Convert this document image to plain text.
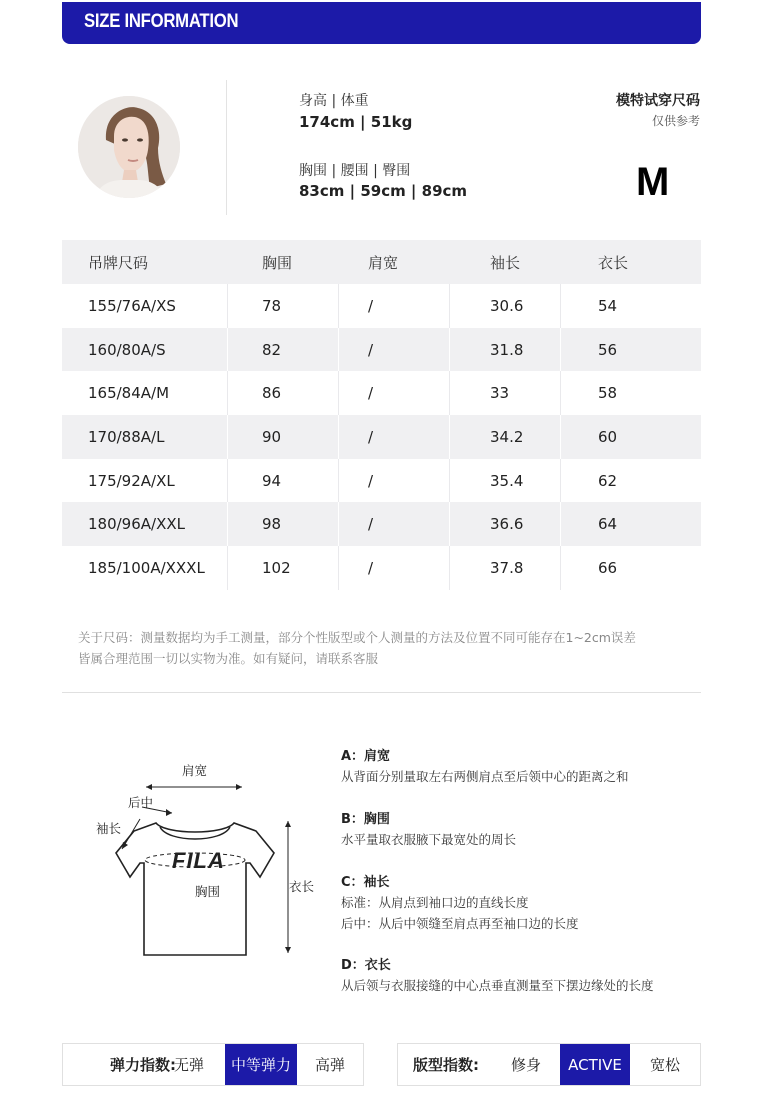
SIZE INFORMATION
身高 | 体重
174cm | 51kg
胸围 | 腰围 | 臀围
83cm | 59cm | 89cm
模特试穿尺码
仅供参考
M
吊牌尺码	胸围	肩宽	袖长	衣长
155/76A/XS	78	/	30.6	54
160/80A/S	82	/	31.8	56
165/84A/M	86	/	33	58
170/88A/L	90	/	34.2	60
175/92A/XL	94	/	35.4	62
180/96A/XXL	98	/	36.6	64
185/100A/XXXL	102	/	37.8	66
关于尺码：测量数据均为手工测量，部分个性版型或个人测量的方法及位置不同可能存在1~2cm误差
皆属合理范围一切以实物为准。如有疑问，请联系客服
肩宽
后中
袖长
FILA
胸围	衣长
A：肩宽
从背面分别量取左右两侧肩点至后领中心的距离之和
B：胸围
水平量取衣服腋下最宽处的周长
C：袖长
标准：从肩点到袖口边的直线长度
后中：从后中领缝至肩点再至袖口边的长度
D：衣长
从后领与衣服接缝的中心点垂直测量至下摆边缘处的长度
弹力指数:
无弹	中等弹力	高弹	版型指数:	修身	ACTIVE	宽松
